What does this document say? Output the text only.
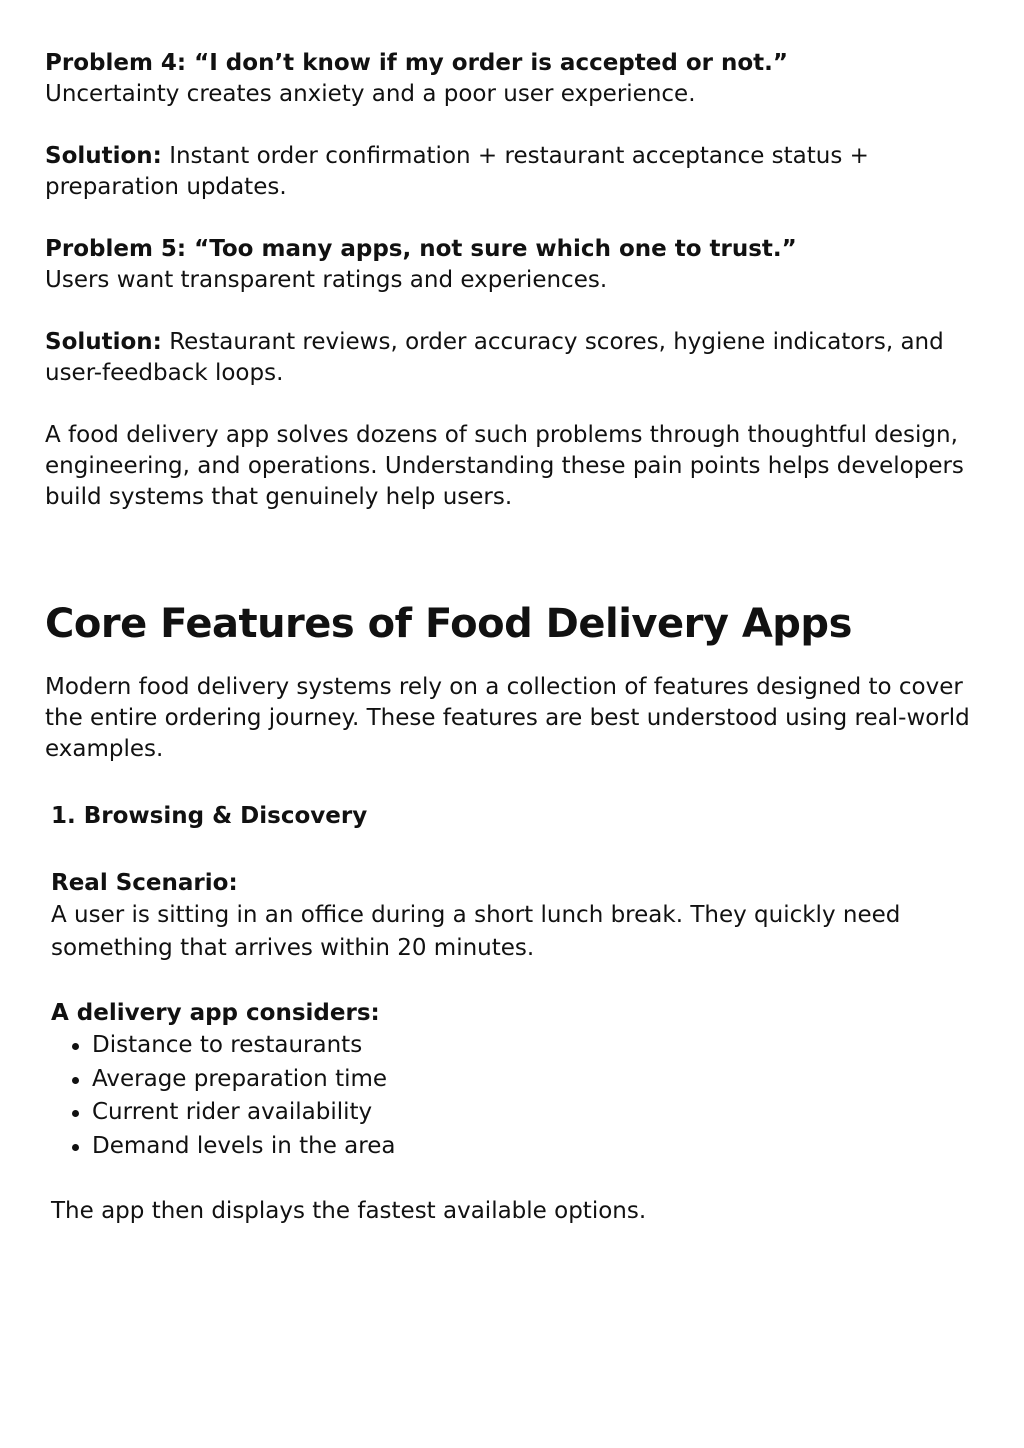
Problem 4: “I don’t know if my order is accepted or not.”

Uncertainty creates anxiety and a poor user experience.

Solution: Instant order confirmation + restaurant acceptance status + preparation updates.

Problem 5: “Too many apps, not sure which one to trust.”

Users want transparent ratings and experiences.

Solution: Restaurant reviews, order accuracy scores, hygiene indicators, and user-feedback loops.

A food delivery app solves dozens of such problems through thoughtful design, engineering, and operations. Understanding these pain points helps developers build systems that genuinely help users.

Core Features of Food Delivery Apps

Modern food delivery systems rely on a collection of features designed to cover the entire ordering journey. These features are best understood using real-world examples.

1. Browsing & Discovery

Real Scenario:

A user is sitting in an office during a short lunch break. They quickly need something that arrives within 20 minutes.

A delivery app considers:

Distance to restaurants
Average preparation time
Current rider availability
Demand levels in the area

The app then displays the fastest available options.
